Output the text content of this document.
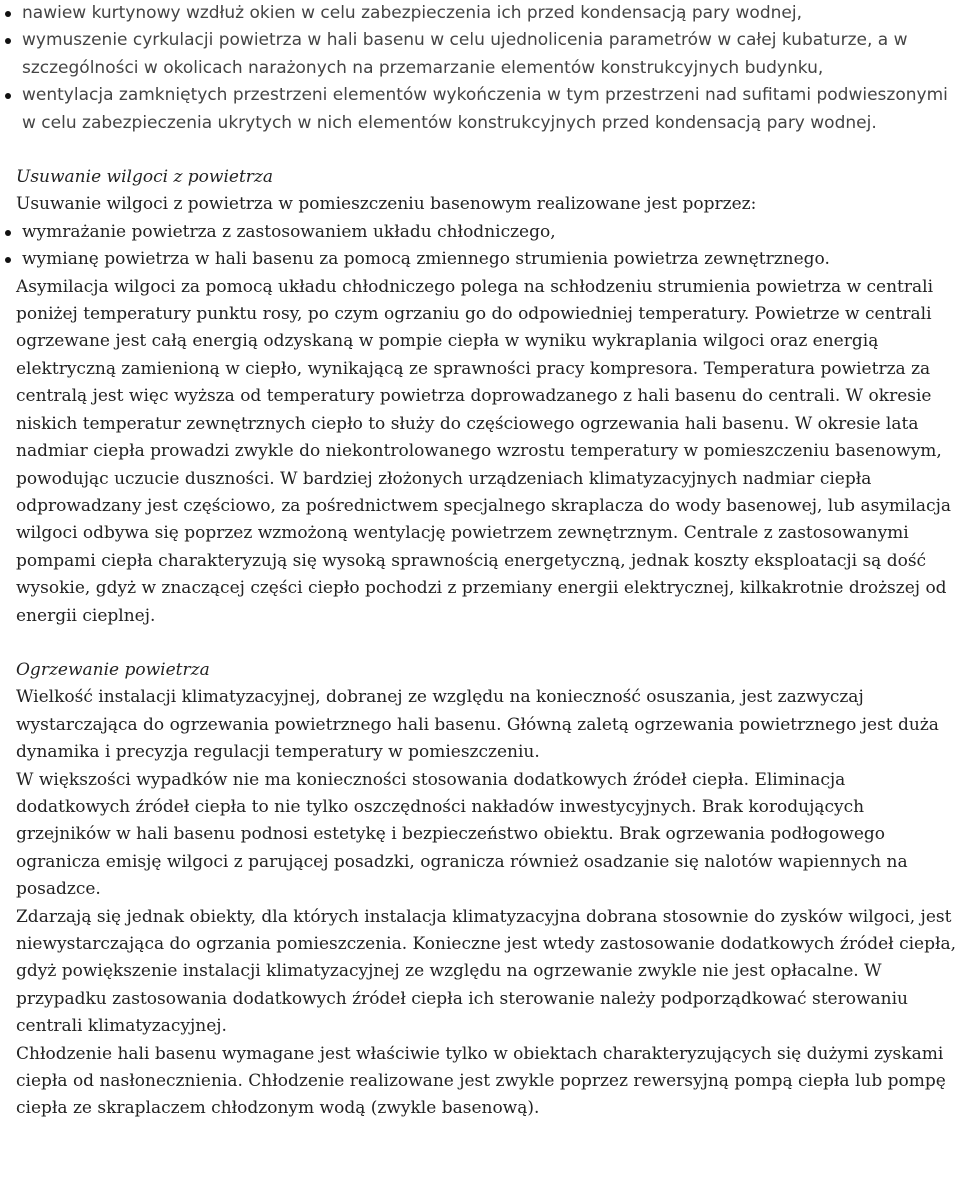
nawiew kurtynowy wzdłuż okien w celu zabezpieczenia ich przed kondensacją pary wodnej,
wymuszenie cyrkulacji powietrza w hali basenu w celu ujednolicenia parametrów w całej kubaturze, a w szczególności w okolicach narażonych na przemarzanie elementów konstrukcyjnych budynku,
wentylacja zamkniętych przestrzeni elementów wykończenia w tym przestrzeni nad sufitami podwieszonymi w celu zabezpieczenia ukrytych w nich elementów konstrukcyjnych przed kondensacją pary wodnej.

Usuwanie wilgoci z powietrza

Usuwanie wilgoci z powietrza w pomieszczeniu basenowym realizowane jest poprzez:

wymrażanie powietrza z zastosowaniem układu chłodniczego,
wymianę powietrza w hali basenu za pomocą zmiennego strumienia powietrza zewnętrznego.

Asymilacja wilgoci za pomocą układu chłodniczego polega na schłodzeniu strumienia powietrza w centrali poniżej temperatury punktu rosy, po czym ogrzaniu go do odpowiedniej temperatury. Powietrze w centrali ogrzewane jest całą energią odzyskaną w pompie ciepła w wyniku wykraplania wilgoci oraz energią elektryczną zamienioną w ciepło, wynikającą ze sprawności pracy kompresora. Temperatura powietrza za centralą jest więc wyższa od temperatury powietrza doprowadzanego z hali basenu do centrali. W okresie niskich temperatur zewnętrznych ciepło to służy do częściowego ogrzewania hali basenu. W okresie lata nadmiar ciepła prowadzi zwykle do niekontrolowanego wzrostu temperatury w pomieszczeniu basenowym, powodując uczucie duszności. W bardziej złożonych urządzeniach klimatyzacyjnych nadmiar ciepła odprowadzany jest częściowo, za pośrednictwem specjalnego skraplacza do wody basenowej, lub asymilacja wilgoci odbywa się poprzez wzmożoną wentylację powietrzem zewnętrznym. Centrale z zastosowanymi pompami ciepła charakteryzują się wysoką sprawnością energetyczną, jednak koszty eksploatacji są dość wysokie, gdyż w znaczącej części ciepło pochodzi z przemiany energii elektrycznej, kilkakrotnie droższej od energii cieplnej.

Ogrzewanie powietrza

Wielkość instalacji klimatyzacyjnej, dobranej ze względu na konieczność osuszania, jest zazwyczaj wystarczająca do ogrzewania powietrznego hali basenu. Główną zaletą ogrzewania powietrznego jest duża dynamika i precyzja regulacji temperatury w pomieszczeniu.

W większości wypadków nie ma konieczności stosowania dodatkowych źródeł ciepła. Eliminacja dodatkowych źródeł ciepła to nie tylko oszczędności nakładów inwestycyjnych. Brak korodujących grzejników w hali basenu podnosi estetykę i bezpieczeństwo obiektu. Brak ogrzewania podłogowego ogranicza emisję wilgoci z parującej posadzki, ogranicza również osadzanie się nalotów wapiennych na posadzce.

Zdarzają się jednak obiekty, dla których instalacja klimatyzacyjna dobrana stosownie do zysków wilgoci, jest niewystarczająca do ogrzania pomieszczenia. Konieczne jest wtedy zastosowanie dodatkowych źródeł ciepła, gdyż powiększenie instalacji klimatyzacyjnej ze względu na ogrzewanie zwykle nie jest opłacalne. W przypadku zastosowania dodatkowych źródeł ciepła ich sterowanie należy podporządkować sterowaniu centrali klimatyzacyjnej.

Chłodzenie hali basenu wymagane jest właściwie tylko w obiektach charakteryzujących się dużymi zyskami ciepła od nasłonecznienia. Chłodzenie realizowane jest zwykle poprzez rewersyjną pompą ciepła lub pompę ciepła ze skraplaczem chłodzonym wodą (zwykle basenową).
